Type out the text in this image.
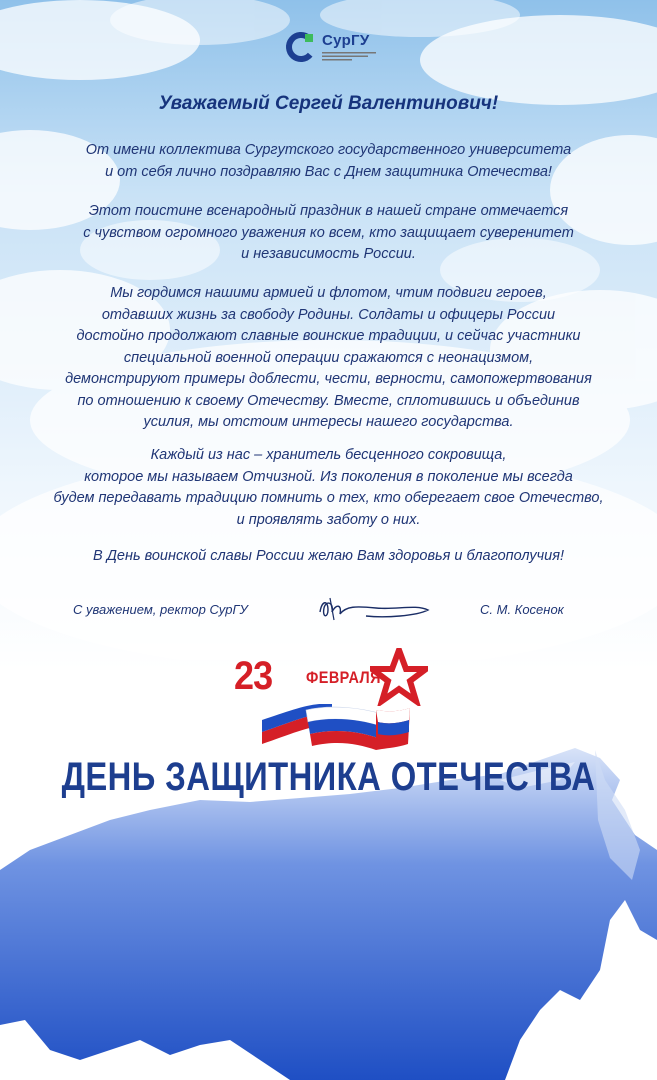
СурГУ
Уважаемый Сергей Валентинович!

От имени коллектива Сургутского государственного университета
и от себя лично поздравляю Вас с Днем защитника Отечества!

Этот поистине всенародный праздник в нашей стране отмечается
с чувством огромного уважения ко всем, кто защищает суверенитет
и независимость России.

Мы гордимся нашими армией и флотом, чтим подвиги героев,
отдавших жизнь за свободу Родины. Солдаты и офицеры России
достойно продолжают славные воинские традиции, и сейчас участники
специальной военной операции сражаются с неонацизмом,
демонстрируют примеры доблести, чести, верности, самопожертвования
по отношению к своему Отечеству. Вместе, сплотившись и объединив
усилия, мы отстоим интересы нашего государства.

Каждый из нас – хранитель бесценного сокровища,
которое мы называем Отчизной. Из поколения в поколение мы всегда
будем передавать традицию помнить о тех, кто оберегает свое Отечество,
и проявлять заботу о них.

В День воинской славы России желаю Вам здоровья и благополучия!

С уважением, ректор СурГУ	С. М. Косенок
23 ФЕВРАЛЯ
ДЕНЬ ЗАЩИТНИКА ОТЕЧЕСТВА
